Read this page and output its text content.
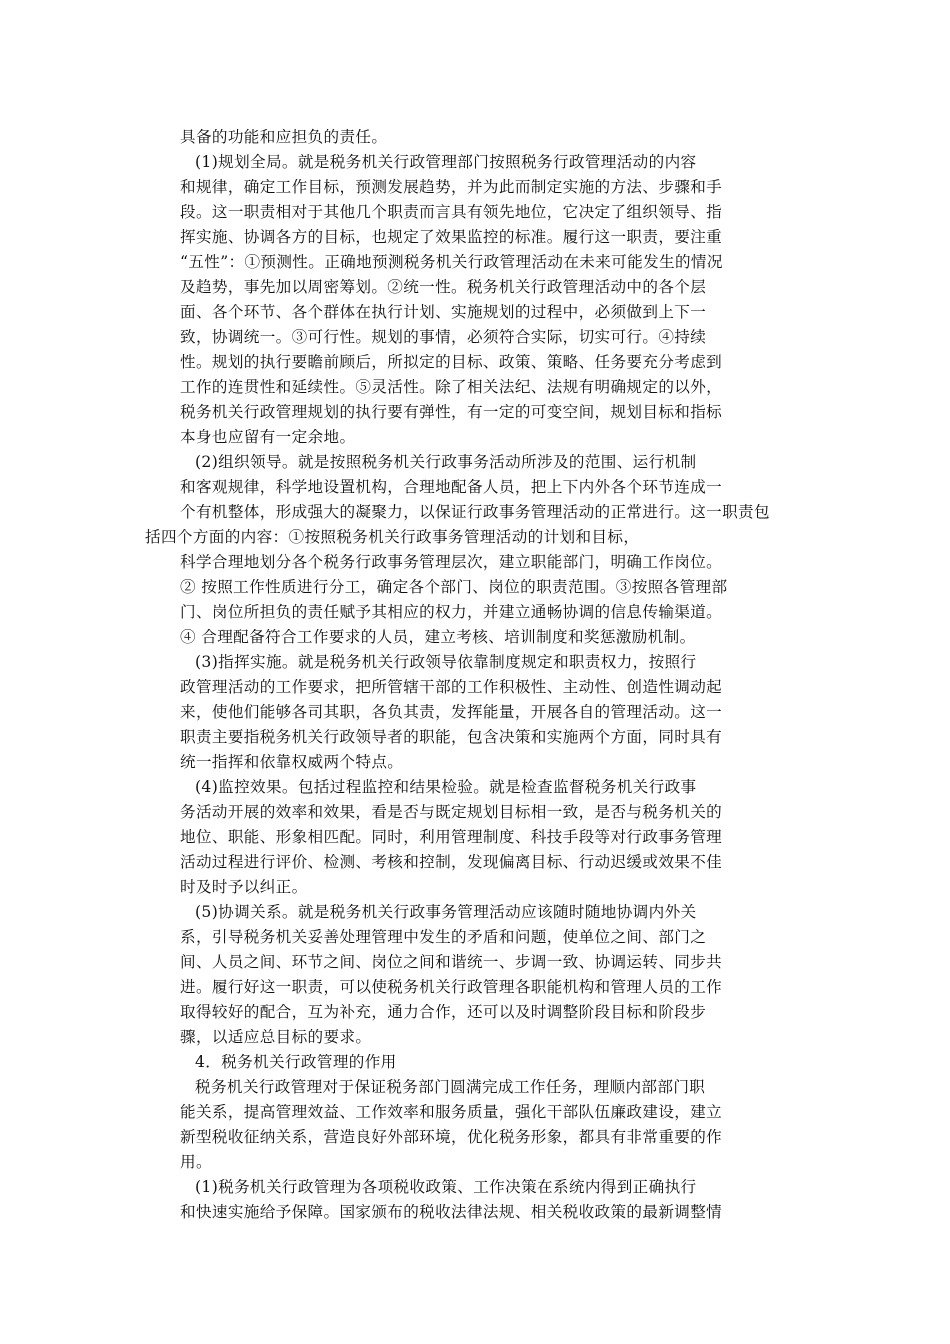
具备的功能和应担负的责任。
(1)规划全局。就是税务机关行政管理部门按照税务行政管理活动的内容
和规律，确定工作目标，预测发展趋势，并为此而制定实施的方法、步骤和手
段。这一职责相对于其他几个职责而言具有领先地位，它决定了组织领导、指
挥实施、协调各方的目标，也规定了效果监控的标准。履行这一职责，要注重
“五性”：①预测性。正确地预测税务机关行政管理活动在未来可能发生的情况
及趋势，事先加以周密筹划。②统一性。税务机关行政管理活动中的各个层
面、各个环节、各个群体在执行计划、实施规划的过程中，必须做到上下一
致，协调统一。③可行性。规划的事情，必须符合实际，切实可行。④持续
性。规划的执行要瞻前顾后，所拟定的目标、政策、策略、任务要充分考虑到
工作的连贯性和延续性。⑤灵活性。除了相关法纪、法规有明确规定的以外，
税务机关行政管理规划的执行要有弹性，有一定的可变空间，规划目标和指标
本身也应留有一定余地。
(2)组织领导。就是按照税务机关行政事务活动所涉及的范围、运行机制
和客观规律，科学地设置机构，合理地配备人员，把上下内外各个环节连成一
个有机整体，形成强大的凝聚力，以保证行政事务管理活动的正常进行。这一职责包
括四个方面的内容：①按照税务机关行政事务管理活动的计划和目标，
科学合理地划分各个税务行政事务管理层次，建立职能部门，明确工作岗位。
② 按照工作性质进行分工，确定各个部门、岗位的职责范围。③按照各管理部
门、岗位所担负的责任赋予其相应的权力，并建立通畅协调的信息传输渠道。
④ 合理配备符合工作要求的人员，建立考核、培训制度和奖惩激励机制。
(3)指挥实施。就是税务机关行政领导依靠制度规定和职责权力，按照行
政管理活动的工作要求，把所管辖干部的工作积极性、主动性、创造性调动起
来，使他们能够各司其职，各负其责，发挥能量，开展各自的管理活动。这一
职责主要指税务机关行政领导者的职能，包含决策和实施两个方面，同时具有
统一指挥和依靠权威两个特点。
(4)监控效果。包括过程监控和结果检验。就是检查监督税务机关行政事
务活动开展的效率和效果，看是否与既定规划目标相一致，是否与税务机关的
地位、职能、形象相匹配。同时，利用管理制度、科技手段等对行政事务管理
活动过程进行评价、检测、考核和控制，发现偏离目标、行动迟缓或效果不佳
时及时予以纠正。
(5)协调关系。就是税务机关行政事务管理活动应该随时随地协调内外关
系，引导税务机关妥善处理管理中发生的矛盾和问题，使单位之间、部门之
间、人员之间、环节之间、岗位之间和谐统一、步调一致、协调运转、同步共
进。履行好这一职责，可以使税务机关行政管理各职能机构和管理人员的工作
取得较好的配合，互为补充，通力合作，还可以及时调整阶段目标和阶段步
骤，以适应总目标的要求。
4．税务机关行政管理的作用
税务机关行政管理对于保证税务部门圆满完成工作任务，理顺内部部门职
能关系，提高管理效益、工作效率和服务质量，强化干部队伍廉政建设，建立
新型税收征纳关系，营造良好外部环境，优化税务形象，都具有非常重要的作
用。
(1)税务机关行政管理为各项税收政策、工作决策在系统内得到正确执行
和快速实施给予保障。国家颁布的税收法律法规、相关税收政策的最新调整情
